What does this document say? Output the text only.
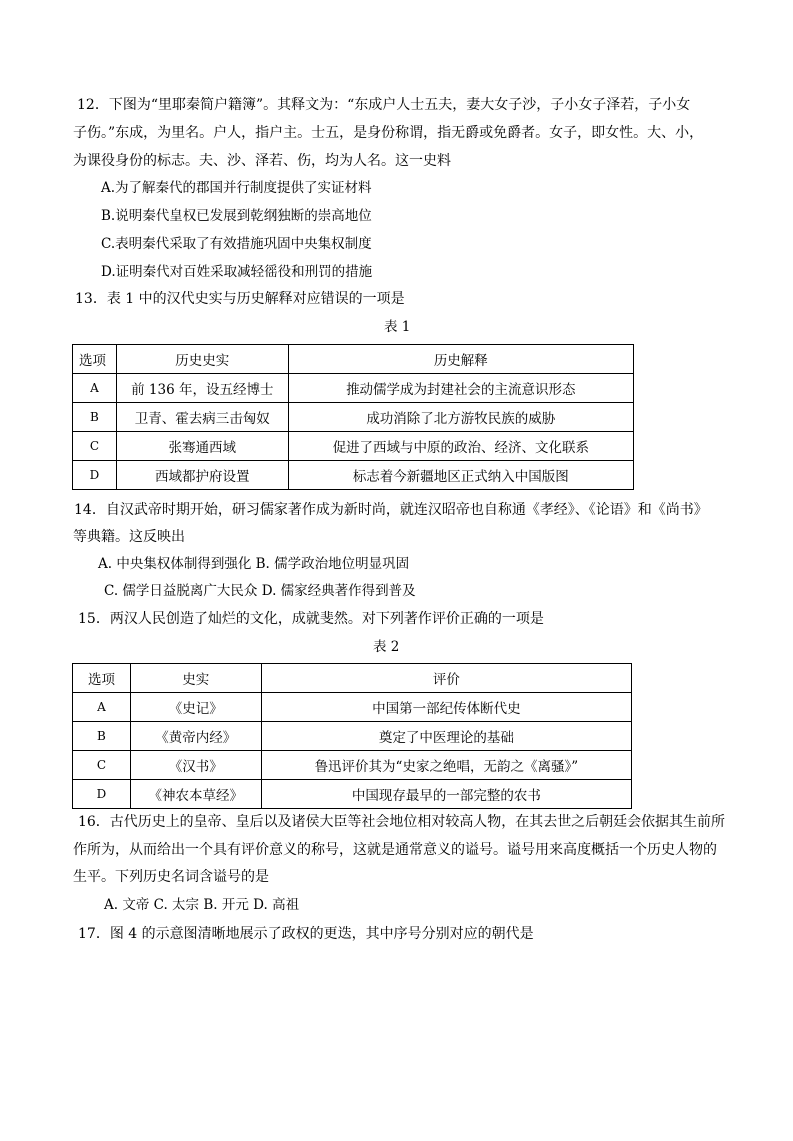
12．下图为“里耶秦简户籍簿”。其释文为：“东成户人士五夫，妻大女子沙，子小女子泽若，子小女
子伤。”东成，为里名。户人，指户主。士五，是身份称谓，指无爵或免爵者。女子，即女性。大、小，
为课役身份的标志。夫、沙、泽若、伤，均为人名。这一史料
A.为了解秦代的郡国并行制度提供了实证材料
B.说明秦代皇权已发展到乾纲独断的崇高地位
C.表明秦代采取了有效措施巩固中央集权制度
D.证明秦代对百姓采取减轻徭役和刑罚的措施
13．表 1 中的汉代史实与历史解释对应错误的一项是
表 1
选项	历史史实	历史解释
A	前 136 年，设五经博士	推动儒学成为封建社会的主流意识形态
B	卫青、霍去病三击匈奴	成功消除了北方游牧民族的威胁
C	张骞通西域	促进了西域与中原的政治、经济、文化联系
D	西域都护府设置	标志着今新疆地区正式纳入中国版图
14．自汉武帝时期开始，研习儒家著作成为新时尚，就连汉昭帝也自称通《孝经》、《论语》和《尚书》
等典籍。这反映出
A. 中央集权体制得到强化 B. 儒学政治地位明显巩固
C. 儒学日益脱离广大民众 D. 儒家经典著作得到普及
15．两汉人民创造了灿烂的文化，成就斐然。对下列著作评价正确的一项是
表 2
选项	史实	评价
A	《史记》	中国第一部纪传体断代史
B	《黄帝内经》	奠定了中医理论的基础
C	《汉书》	鲁迅评价其为“史家之绝唱，无韵之《离骚》”
D	《神农本草经》	中国现存最早的一部完整的农书
16．古代历史上的皇帝、皇后以及诸侯大臣等社会地位相对较高人物，在其去世之后朝廷会依据其生前所
作所为，从而给出一个具有评价意义的称号，这就是通常意义的谥号。谥号用来高度概括一个历史人物的
生平。下列历史名词含谥号的是
A. 文帝 C. 太宗 B. 开元 D. 高祖
17．图 4 的示意图清晰地展示了政权的更迭，其中序号分别对应的朝代是
